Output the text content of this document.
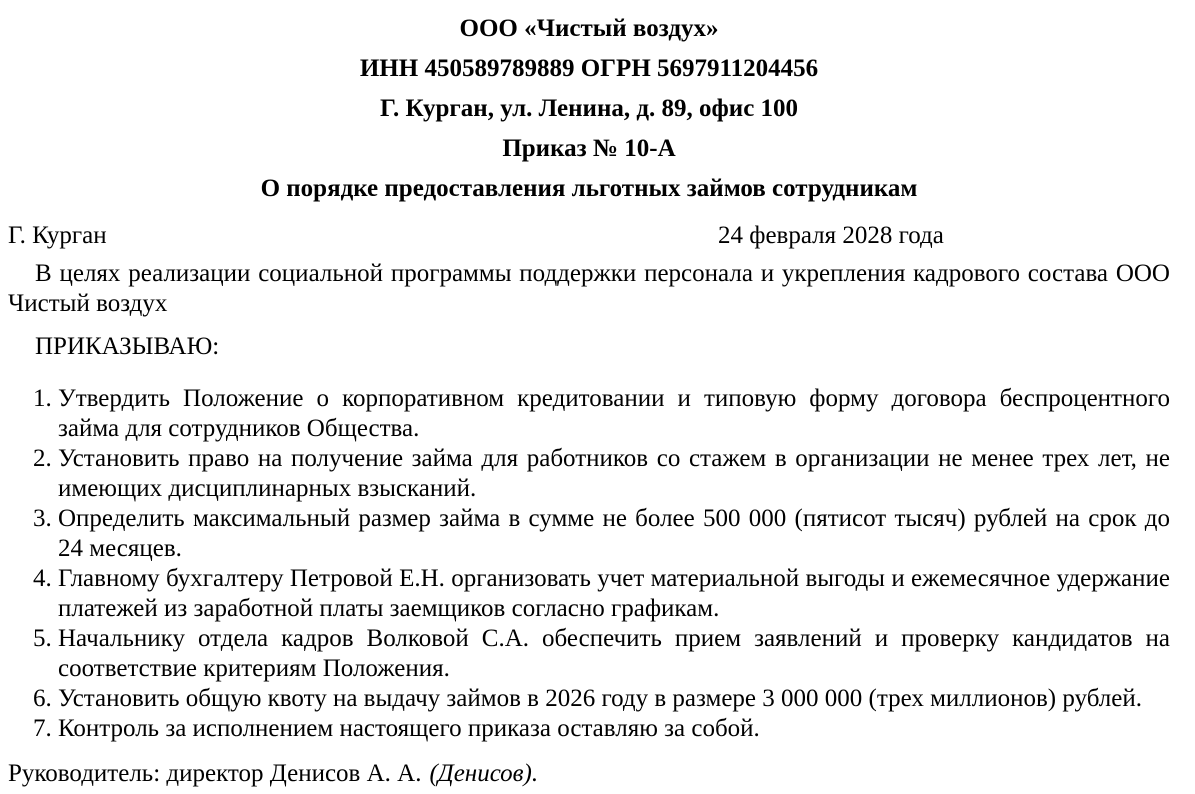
ООО «Чистый воздух»
ИНН 450589789889 ОГРН 5697911204456
Г. Курган, ул. Ленина, д. 89, офис 100
Приказ № 10-А
О порядке предоставления льготных займов сотрудникам
Г. Курган	24 февраля 2028 года
В целях реализации социальной программы поддержки персонала и укрепления кадрового состава ООО Чистый воздух
ПРИКАЗЫВАЮ:
1. Утвердить Положение о корпоративном кредитовании и типовую форму договора беспроцентного займа для сотрудников Общества.
2. Установить право на получение займа для работников со стажем в организации не менее трех лет, не имеющих дисциплинарных взысканий.
3. Определить максимальный размер займа в сумме не более 500 000 (пятисот тысяч) рублей на срок до 24 месяцев.
4. Главному бухгалтеру Петровой Е.Н. организовать учет материальной выгоды и ежемесячное удержание платежей из заработной платы заемщиков согласно графикам.
5. Начальнику отдела кадров Волковой С.А. обеспечить прием заявлений и проверку кандидатов на соответствие критериям Положения.
6. Установить общую квоту на выдачу займов в 2026 году в размере 3 000 000 (трех миллионов) рублей.
7. Контроль за исполнением настоящего приказа оставляю за собой.
Руководитель: директор Денисов А. А. (Денисов).
